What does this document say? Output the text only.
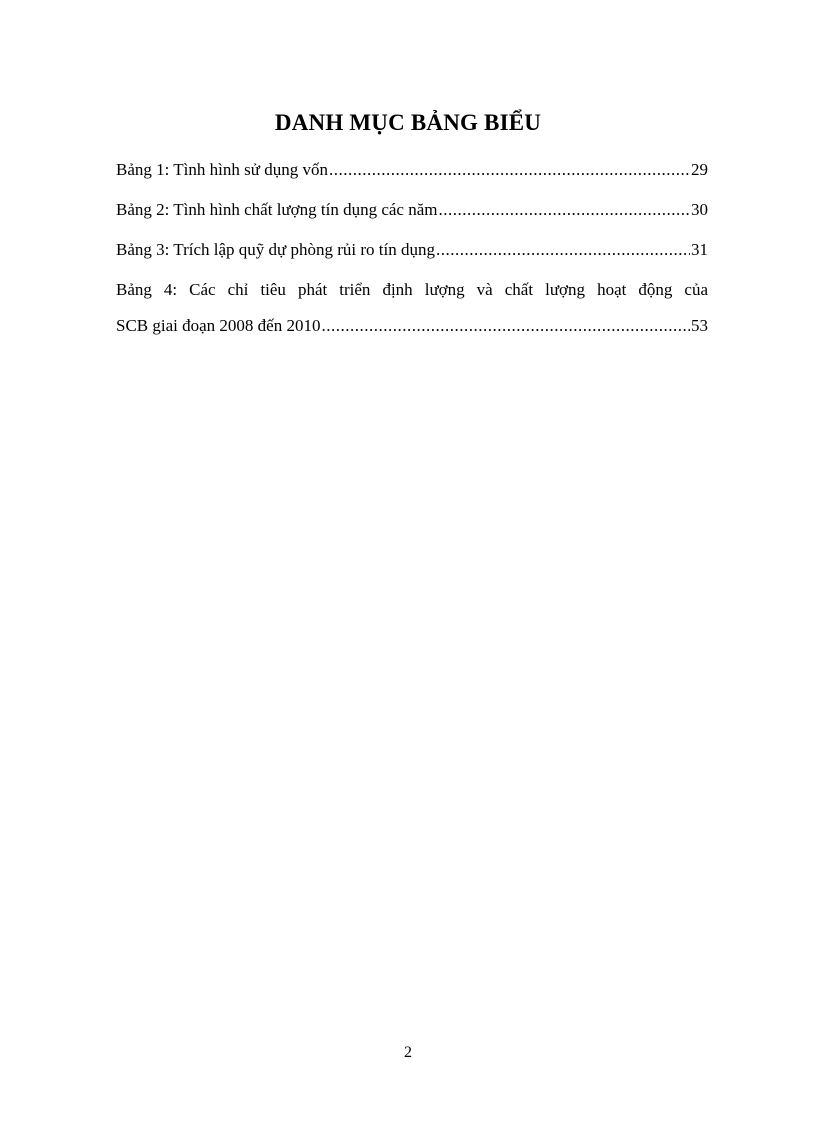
DANH MỤC BẢNG BIỂU
Bảng 1: Tình hình sử dụng vốn .....	29
Bảng 2: Tình hình chất lượng tín dụng các năm .....	30
Bảng 3: Trích lập quỹ dự phòng rủi ro tín dụng .....	31
Bảng 4: Các chỉ tiêu phát triển định lượng và chất lượng hoạt động của
SCB giai đoạn 2008 đến 2010 .....	53
2
